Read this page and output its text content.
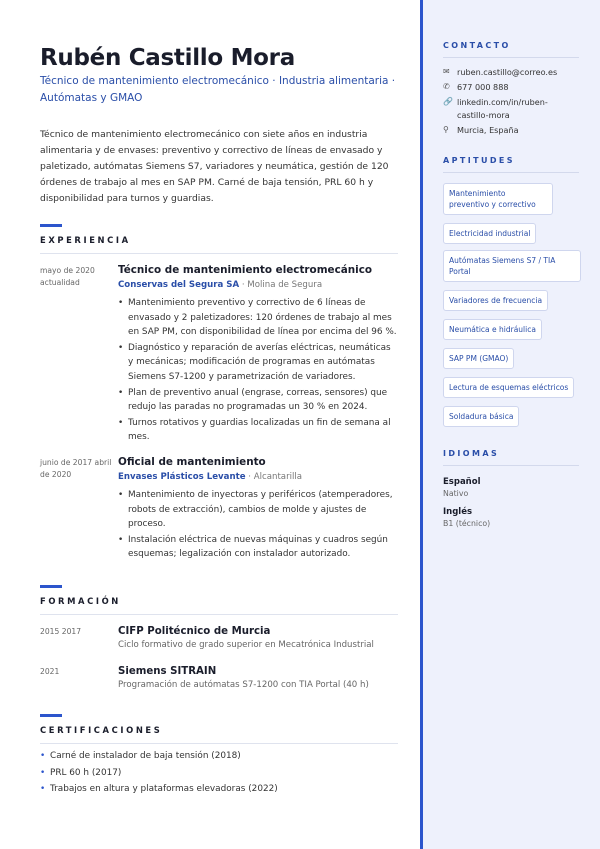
Rubén Castillo Mora
Técnico de mantenimiento electromecánico · Industria alimentaria · Autómatas y GMAO
Técnico de mantenimiento electromecánico con siete años en industria alimentaria y de envases: preventivo y correctivo de líneas de envasado y paletizado, autómatas Siemens S7, variadores y neumática, gestión de 120 órdenes de trabajo al mes en SAP PM. Carné de baja tensión, PRL 60 h y disponibilidad para turnos y guardias.
EXPERIENCIA
mayo de 2020 actualidad
Técnico de mantenimiento electromecánico
Conservas del Segura SA · Molina de Segura
• Mantenimiento preventivo y correctivo de 6 líneas de envasado y 2 paletizadores: 120 órdenes de trabajo al mes en SAP PM, con disponibilidad de línea por encima del 96 %.
• Diagnóstico y reparación de averías eléctricas, neumáticas y mecánicas; modificación de programas en autómatas Siemens S7-1200 y parametrización de variadores.
• Plan de preventivo anual (engrase, correas, sensores) que redujo las paradas no programadas un 30 % en 2024.
• Turnos rotativos y guardias localizadas un fin de semana al mes.
junio de 2017 abril de 2020
Oficial de mantenimiento
Envases Plásticos Levante · Alcantarilla
• Mantenimiento de inyectoras y periféricos (atemperadores, robots de extracción), cambios de molde y ajustes de proceso.
• Instalación eléctrica de nuevas máquinas y cuadros según esquemas; legalización con instalador autorizado.
FORMACIÓN
2015 2017	CIFP Politécnico de Murcia
Ciclo formativo de grado superior en Mecatrónica Industrial
2021	Siemens SITRAIN
Programación de autómatas S7-1200 con TIA Portal (40 h)
CERTIFICACIONES
• Carné de instalador de baja tensión (2018)
• PRL 60 h (2017)
• Trabajos en altura y plataformas elevadoras (2022)
CONTACTO
✉ ruben.castillo@correo.es
✆ 677 000 888
🔗 linkedin.com/in/ruben-castillo-mora
⚲	Murcia, España
APTITUDES
Mantenimiento preventivo y correctivo
Electricidad industrial
Autómatas Siemens S7 / TIA Portal
Variadores de frecuencia
Neumática e hidráulica
SAP PM (GMAO)
Lectura de esquemas eléctricos
Soldadura básica
IDIOMAS
Español
Nativo
Inglés
B1 (técnico)
